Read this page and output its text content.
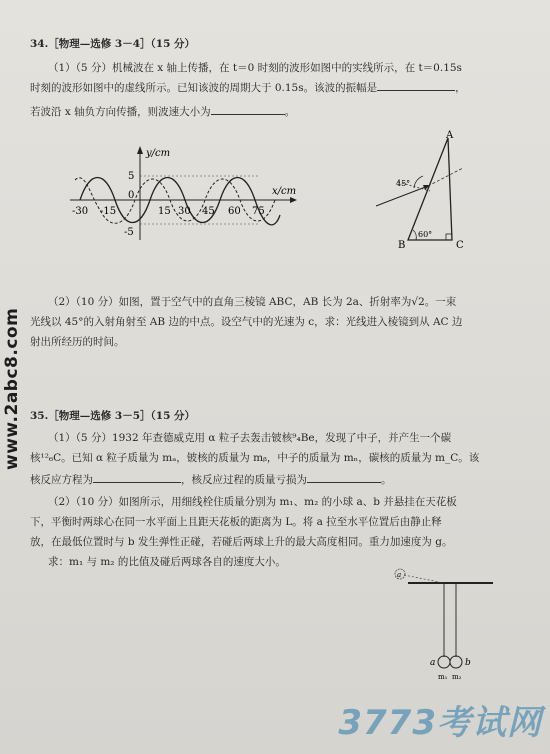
34.［物理—选修 3－4］（15 分）
（1）（5 分）机械波在 x 轴上传播，在 t＝0 时刻的波形如图中的实线所示，在 t＝0.15s
时刻的波形如图中的虚线所示。已知该波的周期大于 0.15s。该波的振幅是	，
若波沿 x 轴负方向传播，则波速大小为	。
y/cm
x/cm
5
0
-5
-30 -15	15 30 45 60 75
A
B	C
60°
45°
（2）（10 分）如图，置于空气中的直角三棱镜 ABC，AB 长为 2a、折射率为√2。一束
光线以 45°的入射角射至 AB 边的中点。设空气中的光速为 c，求：光线进入棱镜到从 AC 边
射出所经历的时间。
35.［物理—选修 3－5］（15 分）
（1）（5 分）1932 年查德威克用 α 粒子去轰击铍核⁹₄Be，发现了中子，并产生一个碳
核¹²₆C。已知 α 粒子质量为 mₐ，铍核的质量为 mᵦ，中子的质量为 mₙ，碳核的质量为 m_C。该
核反应方程为	，核反应过程的质量亏损为	。
（2）（10 分）如图所示，用细线栓住质量分别为 m₁、m₂ 的小球 a、b 并悬挂在天花板
下，平衡时两球心在同一水平面上且距天花板的距离为 L。将 a 拉至水平位置后由静止释
放，在最低位置时与 b 发生弹性正碰，若碰后两球上升的最大高度相同。重力加速度为 g。
求：m₁ 与 m₂ 的比值及碰后两球各自的速度大小。
a
a	b
m₁ m₂
www.2abc8.com
3773考试网
